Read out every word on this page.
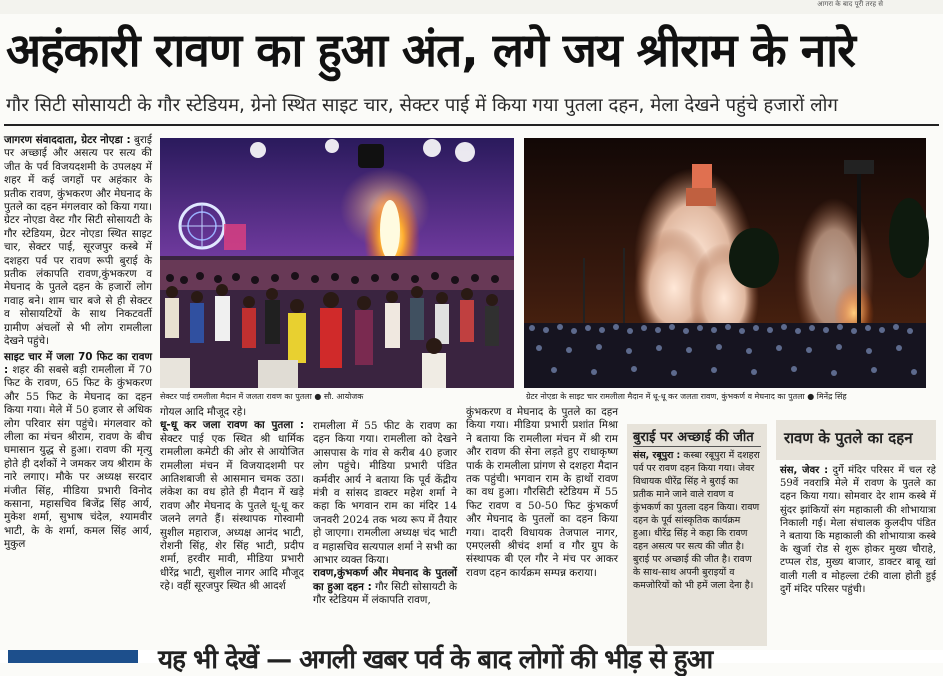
आगरा के बाद पूरी तरह से
अहंकारी रावण का हुआ अंत, लगे जय श्रीराम के नारे
गौर सिटी सोसायटी के गौर स्टेडियम, ग्रेनो स्थित साइट चार, सेक्टर पाई में किया गया पुतला दहन, मेला देखने पहुंचे हजारों लोग

जागरण संवाददाता, ग्रेटर नोएडा : बुराई पर अच्छाई और असत्य पर सत्य की जीत के पर्व विजयदशमी के उपलक्ष्य में शहर में कई जगहों पर अहंकार के प्रतीक रावण, कुंभकरण और मेघनाद के पुतले का दहन मंगलवार को किया गया। ग्रेटर नोएडा वेस्ट गौर सिटी सोसायटी के गौर स्टेडियम, ग्रेटर नोएडा स्थित साइट चार, सेक्टर पाई, सूरजपुर कस्बे में दशहरा पर्व पर रावण रूपी बुराई के प्रतीक लंकापति रावण,कुंभकरण व मेघनाद के पुतले दहन के हजारों लोग गवाह बने। शाम चार बजे से ही सेक्टर व सोसायटियों के साथ निकटवर्ती ग्रामीण अंचलों से भी लोग रामलीला देखने पहुंचे।

साइट चार में जला 70 फिट का रावण : शहर की सबसे बड़ी रामलीला में 70 फिट के रावण, 65 फिट के कुंभकरण और 55 फिट के मेघनाद का दहन किया गया। मेले में 50 हजार से अधिक लोग परिवार संग पहुंचे। मंगलवार को लीला का मंचन श्रीराम, रावण के बीच घमासान युद्ध से हुआ। रावण की मृत्यु होते ही दर्शकों ने जमकर जय श्रीराम के नारे लगाए। मौके पर अध्यक्ष सरदार मंजीत सिंह, मीडिया प्रभारी विनोद कसाना, महासचिव बिजेंद्र सिंह आर्य, मुकेश शर्मा, सुभाष चंदेल, श्यामवीर भाटी, के के शर्मा, कमल सिंह आर्य, मुकुल

सेक्टर पाई रामलीला मैदान में जलता रावण का पुतला ● सौ. आयोजक	ग्रेटर नोएडा के साइट चार रामलीला मैदान में धू-धू कर जलता रावण, कुंभकर्ण व मेघनाद का पुतला ● मिनेंद्र सिंह

गोयल आदि मौजूद रहे।

धू-धू कर जला रावण का पुतला : सेक्टर पाई एक स्थित श्री धार्मिक रामलीला कमेटी की ओर से आयोजित रामलीला मंचन में विजयादशमी पर आतिशबाजी से आसमान चमक उठा। लंकेश का वध होते ही मैदान में खड़े रावण और मेघनाद के पुतले धू-धू कर जलने लगते हैं। संस्थापक गोस्वामी सुशील महाराज, अध्यक्ष आनंद भाटी, रोशनी सिंह, शेर सिंह भाटी, प्रदीप शर्मा, हरवीर मावी, मीडिया प्रभारी धीरेंद्र भाटी, सुशील नागर आदि मौजूद रहे। वहीं सूरजपुर स्थित श्री आदर्श

रामलीला में 55 फीट के रावण का दहन किया गया। रामलीला को देखने आसपास के गांव से करीब 40 हजार लोग पहुंचे। मीडिया प्रभारी पंडित कर्मवीर आर्य ने बताया कि पूर्व केंद्रीय मंत्री व सांसद डाक्टर महेश शर्मा ने कहा कि भगवान राम का मंदिर 14 जनवरी 2024 तक भव्य रूप में तैयार हो जाएगा। रामलीला अध्यक्ष चंद भाटी व महासचिव सत्यपाल शर्मा ने सभी का आभार व्यक्त किया।

रावण,कुंभकर्ण और मेघनाद के पुतलों का हुआ दहन : गौर सिटी सोसायटी के गौर स्टेडियम में लंकापति रावण,

कुंभकरण व मेघनाद के पुतले का दहन किया गया। मीडिया प्रभारी प्रशांत मिश्रा ने बताया कि रामलीला मंचन में श्री राम और रावण की सेना लड़ते हुए राधाकृष्ण पार्क के रामलीला प्रांगण से दशहरा मैदान तक पहुंची। भगवान राम के हाथों रावण का वध हुआ। गौरसिटी स्टेडियम में 55 फिट रावण व 50-50 फिट कुंभकर्ण और मेघनाद के पुतलों का दहन किया गया। दादरी विधायक तेजपाल नागर, एमएलसी श्रीचंद शर्मा व गौर ग्रुप के संस्थापक बी एल गौर ने मंच पर आकर रावण दहन कार्यक्रम सम्पन्न कराया।

बुराई पर अच्छाई की जीत
संस, रबूपुरा : कस्बा रबूपुरा में दशहरा पर्व पर रावण दहन किया गया। जेवर विधायक धीरेंद्र सिंह ने बुराई का प्रतीक माने जाने वाले रावण व कुंभकर्ण का पुतला दहन किया। रावण दहन के पूर्व सांस्कृतिक कार्यक्रम हुआ। धीरेंद्र सिंह ने कहा कि रावण दहन असत्य पर सत्य की जीत है। बुराई पर अच्छाई की जीत है। रावण के साथ-साथ अपनी बुराइयों व कमजोरियों को भी हमें जला देना है।
रावण के पुतले का दहन
संस, जेवर : दुर्गे मंदिर परिसर में चल रहे 59वें नवरात्रि मेले में रावण के पुतले का दहन किया गया। सोमवार देर शाम कस्बे में सुंदर झांकियों संग महाकाली की शोभायात्रा निकाली गई। मेला संचालक कुलदीप पंडित ने बताया कि महाकाली की शोभायात्रा कस्बे के खुर्जा रोड से शुरू होकर मुख्य चौराहे, टप्पल रोड, मुख्य बाजार, डाक्टर बाबू खां वाली गली व मोहल्ला टंकी वाला होती हुई दुर्गे मंदिर परिसर पहुंची।
यह भी देखें — अगली खबर पर्व के बाद लोगों की भीड़ से हुआ
